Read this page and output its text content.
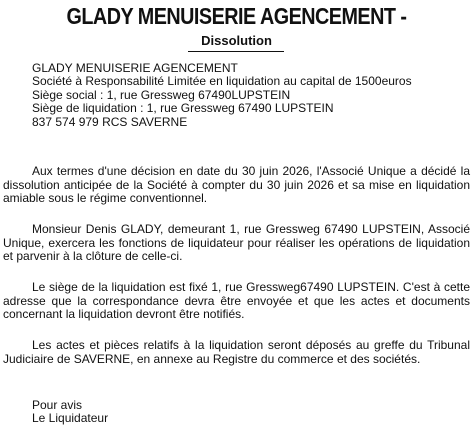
GLADY MENUISERIE AGENCEMENT -
Dissolution
GLADY MENUISERIE AGENCEMENT
Société à Responsabilité Limitée en liquidation au capital de 1500euros
Siège social : 1, rue Gressweg 67490LUPSTEIN
Siège de liquidation : 1, rue Gressweg 67490 LUPSTEIN
837 574 979 RCS SAVERNE

Aux termes d'une décision en date du 30 juin 2026, l'Associé Unique a décidé la dissolution anticipée de la Société à compter du 30 juin 2026 et sa mise en liquidation amiable sous le régime conventionnel.

Monsieur Denis GLADY, demeurant 1, rue Gressweg 67490 LUPSTEIN, Associé Unique, exercera les fonctions de liquidateur pour réaliser les opérations de liquidation et parvenir à la clôture de celle-ci.

Le siège de la liquidation est fixé 1, rue Gressweg67490 LUPSTEIN. C'est à cette adresse que la correspondance devra être envoyée et que les actes et documents concernant la liquidation devront être notifiés.

Les actes et pièces relatifs à la liquidation seront déposés au greffe du Tribunal Judiciaire de SAVERNE, en annexe au Registre du commerce et des sociétés.

Pour avis
Le Liquidateur
